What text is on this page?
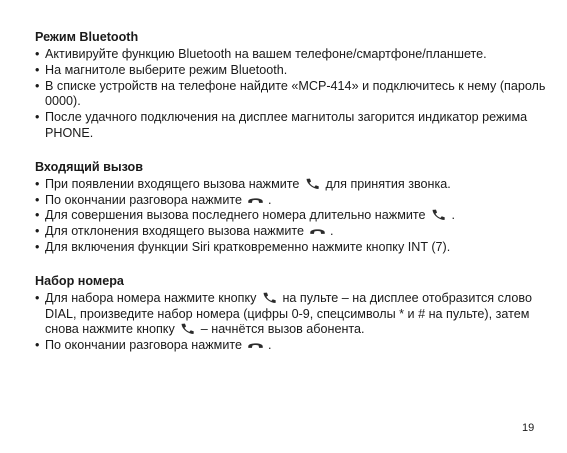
Режим Bluetooth
• Активируйте функцию Bluetooth на вашем телефоне/смартфоне/планшете.
• На магнитоле выберите режим Bluetooth.
• В списке устройств на телефоне найдите «MCP-414» и подключитесь к нему (пароль 0000).
• После удачного подключения на дисплее магнитолы загорится индикатор режима PHONE.
Входящий вызов
• При появлении входящего вызова нажмите для принятия звонка.
• По окончании разговора нажмите .
• Для совершения вызова последнего номера длительно нажмите .
• Для отклонения входящего вызова нажмите .
• Для включения функции Siri кратковременно нажмите кнопку INT (7).
Набор номера
• Для набора номера нажмите кнопку на пульте – на дисплее отобразится слово DIAL, произведите набор номера (цифры 0-9, спецсимволы * и # на пульте), затем снова нажмите кнопку – начнётся вызов абонента.
• По окончании разговора нажмите .
19
